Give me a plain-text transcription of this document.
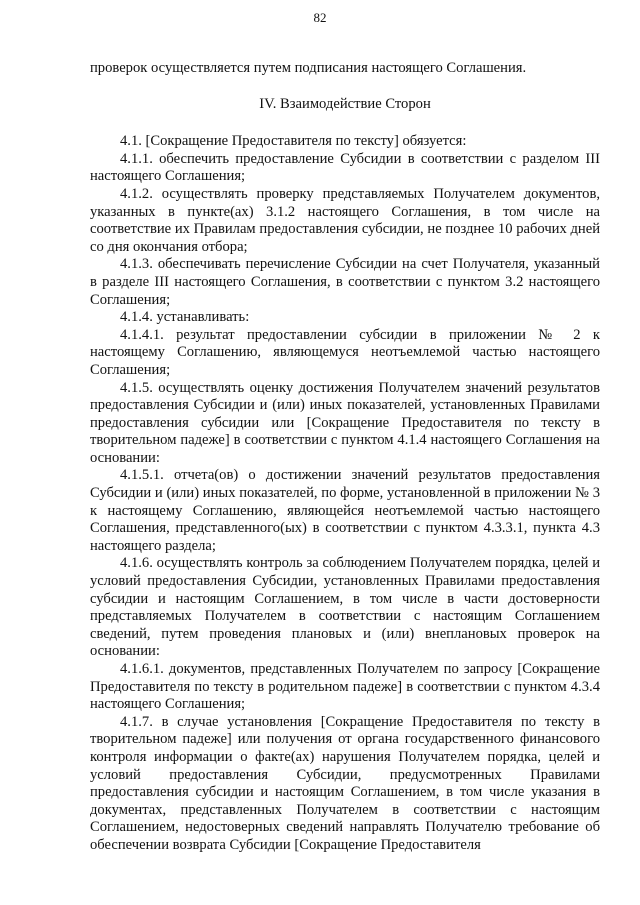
82

проверок осуществляется путем подписания настоящего Соглашения.

IV. Взаимодействие Сторон

4.1. [Сокращение Предоставителя по тексту] обязуется:

4.1.1. обеспечить предоставление Субсидии в соответствии с разделом III настоящего Соглашения;

4.1.2. осуществлять проверку представляемых Получателем документов, указанных в пункте(ах) 3.1.2 настоящего Соглашения, в том числе на соответствие их Правилам предоставления субсидии, не позднее 10 рабочих дней со дня окончания отбора;

4.1.3. обеспечивать перечисление Субсидии на счет Получателя, указанный в разделе III настоящего Соглашения, в соответствии с пунктом 3.2 настоящего Соглашения;

4.1.4. устанавливать:

4.1.4.1. результат предоставлении субсидии в приложении № 2 к настоящему Соглашению, являющемуся неотъемлемой частью настоящего Соглашения;

4.1.5. осуществлять оценку достижения Получателем значений результатов предоставления Субсидии и (или) иных показателей, установленных Правилами предоставления субсидии или [Сокращение Предоставителя по тексту в творительном падеже] в соответствии с пунктом 4.1.4 настоящего Соглашения на основании:

4.1.5.1. отчета(ов) о достижении значений результатов предоставления Субсидии и (или) иных показателей, по форме, установленной в приложении № 3 к настоящему Соглашению, являющейся неотъемлемой частью настоящего Соглашения, представленного(ых) в соответствии с пунктом 4.3.3.1, пункта 4.3 настоящего раздела;

4.1.6. осуществлять контроль за соблюдением Получателем порядка, целей и условий предоставления Субсидии, установленных Правилами предоставления субсидии и настоящим Соглашением, в том числе в части достоверности представляемых Получателем в соответствии с настоящим Соглашением сведений, путем проведения плановых и (или) внеплановых проверок на основании:

4.1.6.1. документов, представленных Получателем по запросу [Сокращение Предоставителя по тексту в родительном падеже] в соответствии с пунктом 4.3.4 настоящего Соглашения;

4.1.7. в случае установления [Сокращение Предоставителя по тексту в творительном падеже] или получения от органа государственного финансового контроля информации о факте(ах) нарушения Получателем порядка, целей и условий предоставления Субсидии, предусмотренных Правилами предоставления субсидии и настоящим Соглашением, в том числе указания в документах, представленных Получателем в соответствии с настоящим Соглашением, недостоверных сведений направлять Получателю требование об обеспечении возврата Субсидии [Сокращение Предоставителя
